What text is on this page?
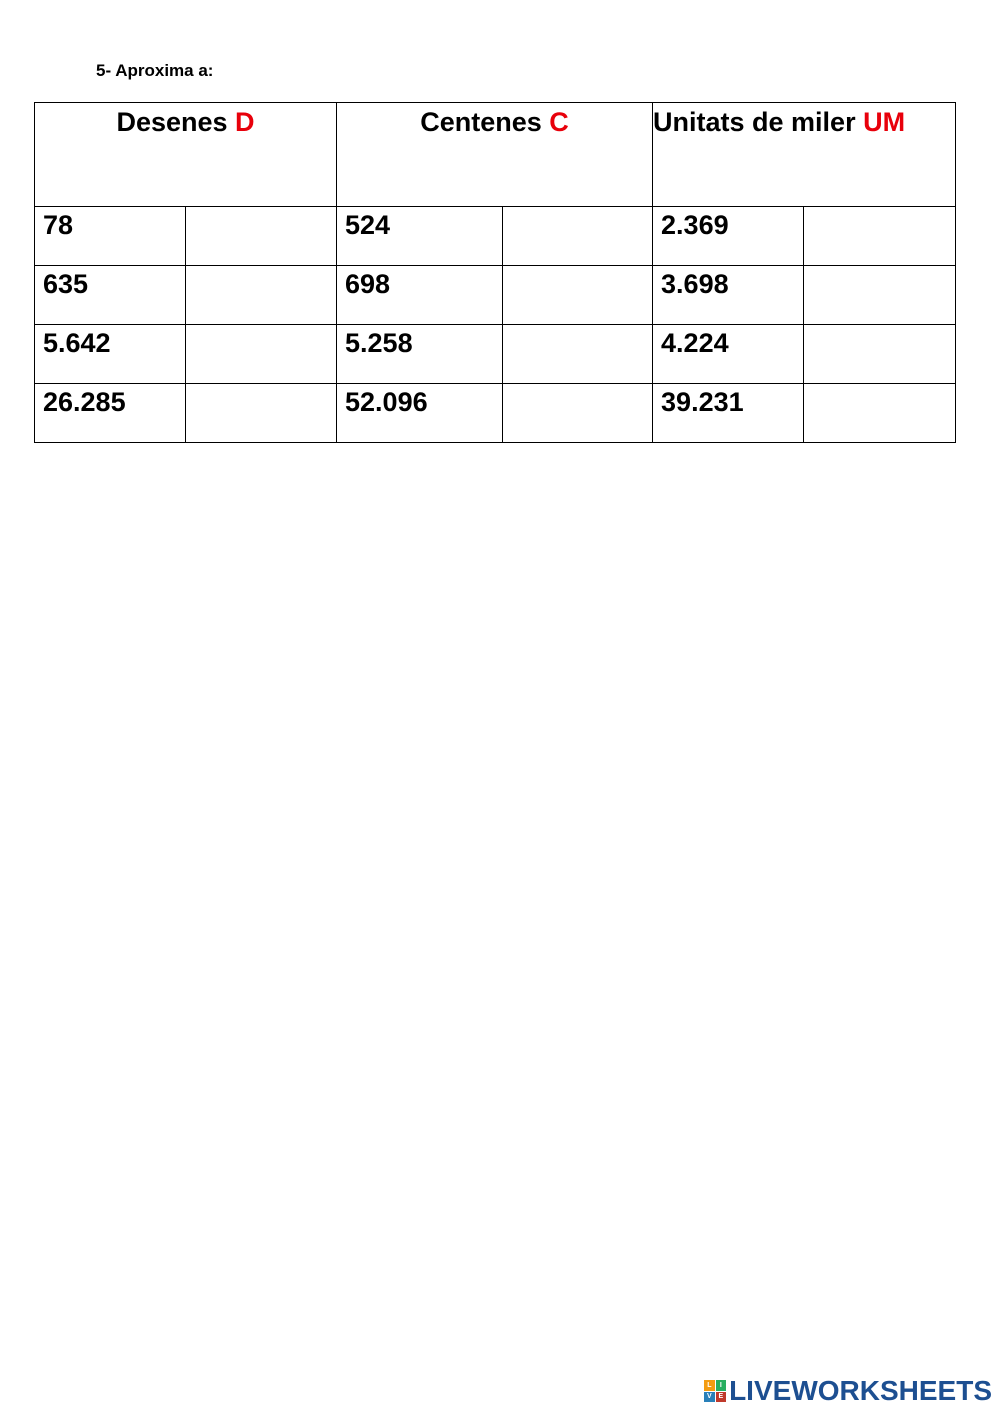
5- Aproxima a:
Desenes D		Centenes C		Unitats de miler UM	
78		524		2.369	
635		698		3.698	
5.642		5.258		4.224	
26.285		52.096		39.231	
L	I
V E LIVEWORKSHEETS
